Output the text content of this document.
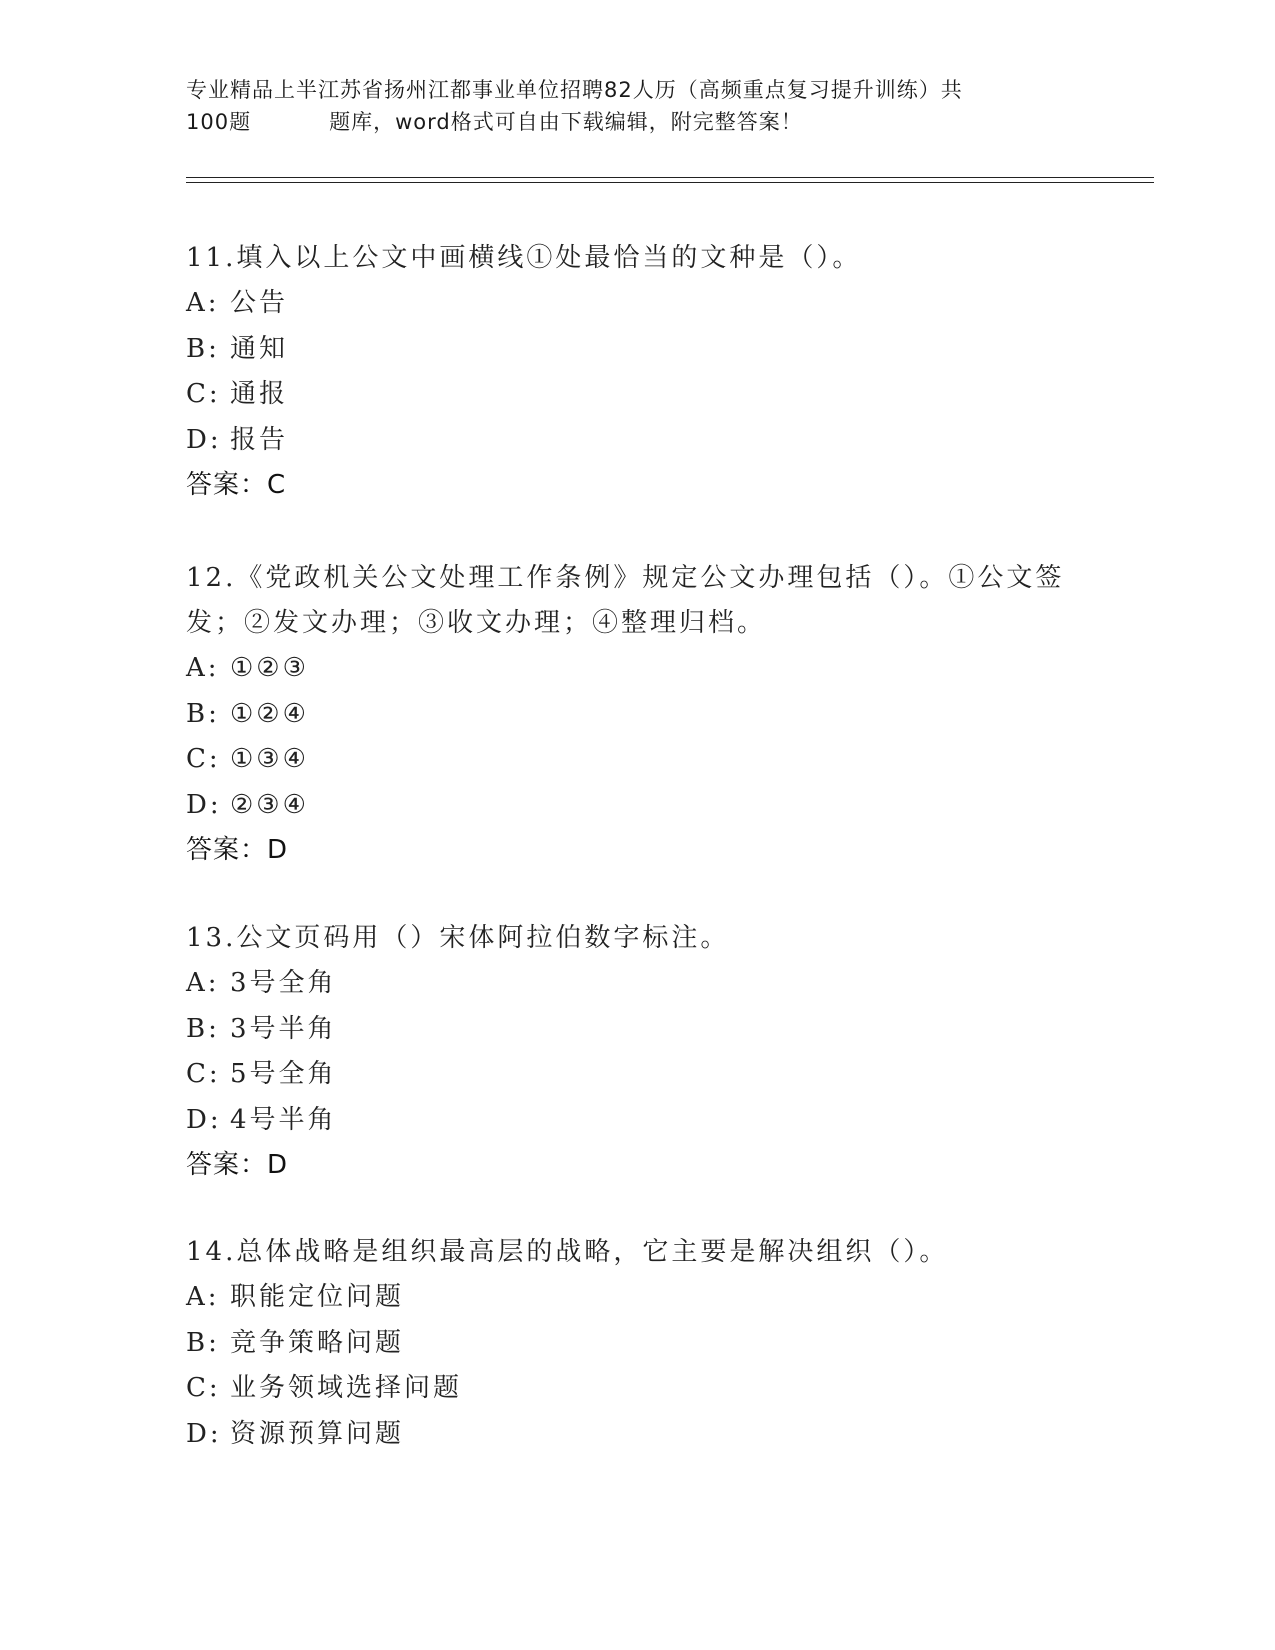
专业精品上半江苏省扬州江都事业单位招聘82人历（高频重点复习提升训练）共
100题	题库，word格式可自由下载编辑，附完整答案！
11.填入以上公文中画横线①处最恰当的文种是（）。
A: 公告
B: 通知
C: 通报
D: 报告
答案：C
12.《党政机关公文处理工作条例》规定公文办理包括（）。①公文签发；②发文办理；③收文办理；④整理归档。
A: ①②③
B: ①②④
C: ①③④
D: ②③④
答案：D
13.公文页码用（）宋体阿拉伯数字标注。
A: 3号全角
B: 3号半角
C: 5号全角
D: 4号半角
答案：D
14.总体战略是组织最高层的战略，它主要是解决组织（）。
A: 职能定位问题
B: 竞争策略问题
C: 业务领域选择问题
D: 资源预算问题
